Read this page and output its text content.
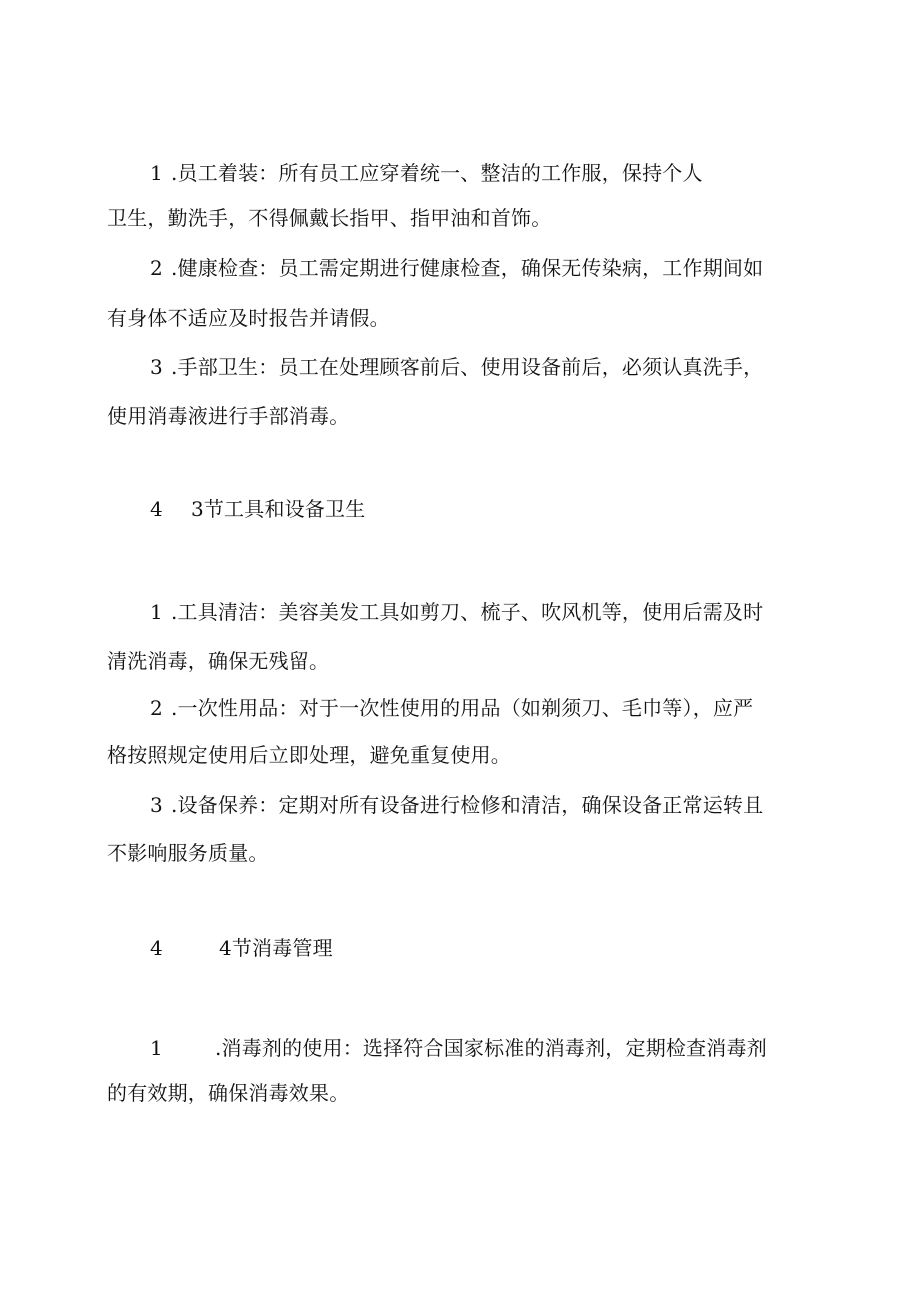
1 .员工着装：所有员工应穿着统一、整洁的工作服，保持个人
卫生，勤洗手，不得佩戴长指甲、指甲油和首饰。
2 .健康检查：员工需定期进行健康检查，确保无传染病，工作期间如
有身体不适应及时报告并请假。
3 .手部卫生：员工在处理顾客前后、使用设备前后，必须认真洗手，
使用消毒液进行手部消毒。
4 3节工具和设备卫生
1 .工具清洁：美容美发工具如剪刀、梳子、吹风机等，使用后需及时
清洗消毒，确保无残留。
2 .一次性用品：对于一次性使用的用品（如剃须刀、毛巾等），应严
格按照规定使用后立即处理，避免重复使用。
3 .设备保养：定期对所有设备进行检修和清洁，确保设备正常运转且
不影响服务质量。
4	4节消毒管理
1	.消毒剂的使用：选择符合国家标准的消毒剂，定期检查消毒剂
的有效期，确保消毒效果。
